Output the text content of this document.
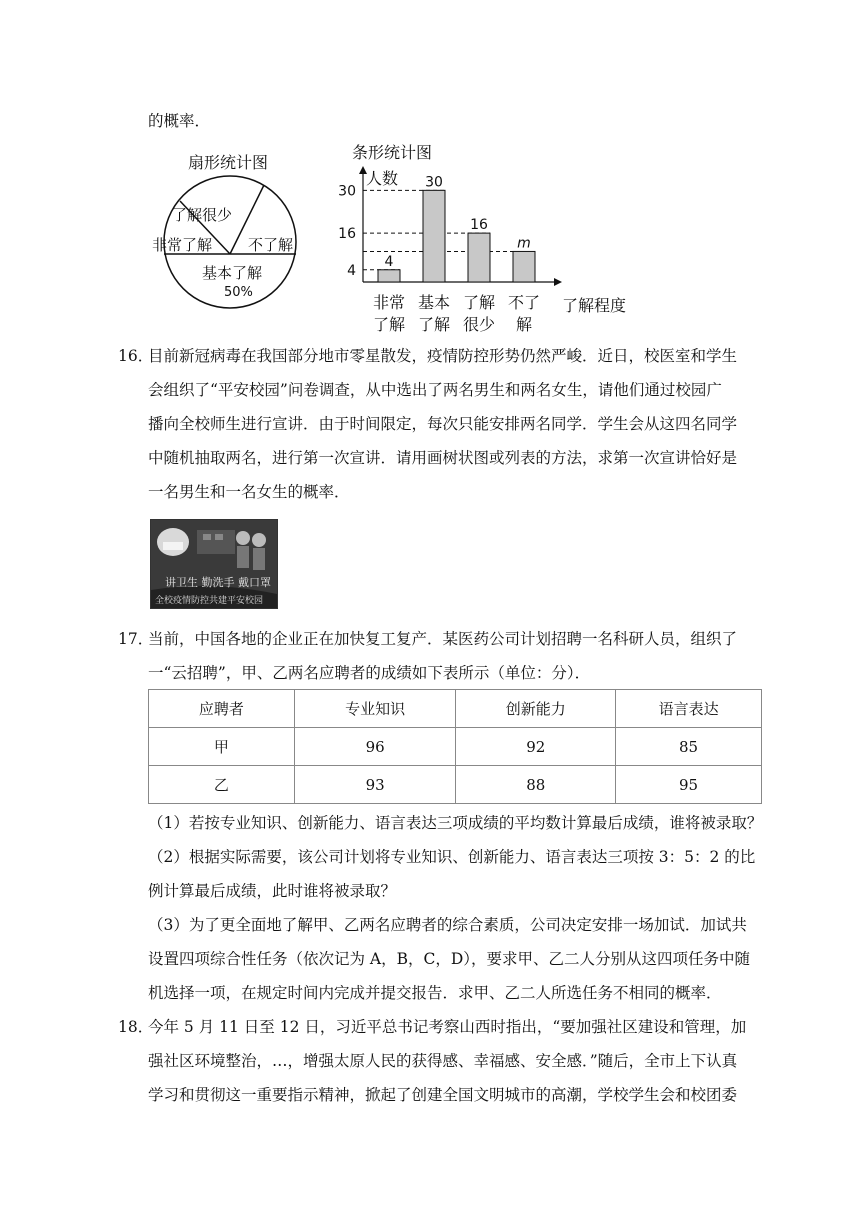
的概率．
扇形统计图
了解很少
非常了解 不了解
基本了解
50%
条形统计图
人数
了解程度
4
16
30
4
非常
了解
30
基本
了解
16
了解
很少
m
不了
解
16．
目前新冠病毒在我国部分地市零星散发，疫情防控形势仍然严峻．近日，校医室和学生
会组织了“平安校园”问卷调查，从中选出了两名男生和两名女生，请他们通过校园广
播向全校师生进行宣讲．由于时间限定，每次只能安排两名同学．学生会从这四名同学
中随机抽取两名，进行第一次宣讲．请用画树状图或列表的方法，求第一次宣讲恰好是
一名男生和一名女生的概率．
讲卫生 勤洗手 戴口罩
全校疫情防控共建平安校园
17．
当前，中国各地的企业正在加快复工复产．某医药公司计划招聘一名科研人员，组织了
一“云招聘”，甲、乙两名应聘者的成绩如下表所示（单位：分）．
应聘者	专业知识	创新能力	语言表达
甲	96	92	85
乙	93	88	95
（1）若按专业知识、创新能力、语言表达三项成绩的平均数计算最后成绩，谁将被录取？
（2）根据实际需要，该公司计划将专业知识、创新能力、语言表达三项按 3：5：2 的比
例计算最后成绩，此时谁将被录取？
（3）为了更全面地了解甲、乙两名应聘者的综合素质，公司决定安排一场加试．加试共
设置四项综合性任务（依次记为 A，B，C，D），要求甲、乙二人分别从这四项任务中随
机选择一项，在规定时间内完成并提交报告．求甲、乙二人所选任务不相同的概率．
18．
今年 5 月 11 日至 12 日，习近平总书记考察山西时指出，“要加强社区建设和管理，加
强社区环境整治，…，增强太原人民的获得感、幸福感、安全感．”随后，全市上下认真
学习和贯彻这一重要指示精神，掀起了创建全国文明城市的高潮，学校学生会和校团委
